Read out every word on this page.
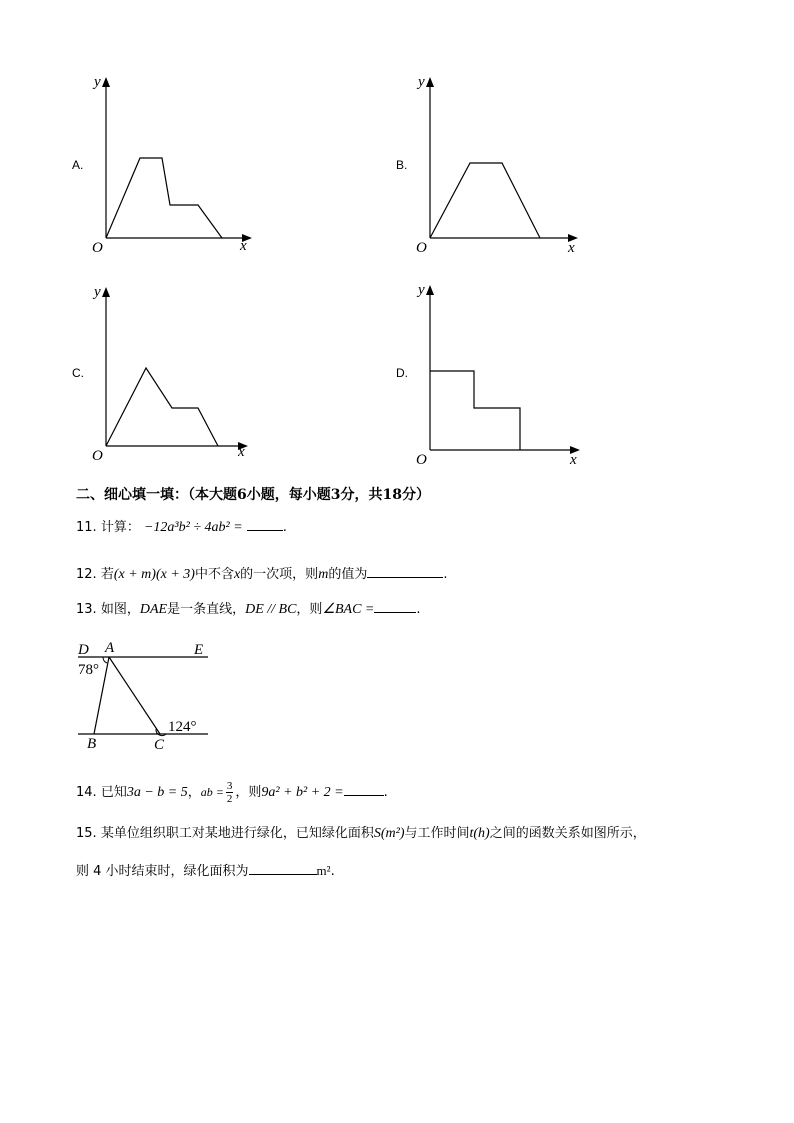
A.
y
x
O
B.
y
x
O
C.
y
x
O
D.
y
x
O
二、细心填一填：（本大题6小题，每小题3分，共18分）
11. 计算： −12a³b² ÷ 4ab² =	.
12. 若(x + m)(x + 3)中不含x的一次项，则m的值为	.
13. 如图，DAE是一条直线，DE // BC，则∠BAC =	.
D A	E
B	C
78°
124°
14. 已知3a − b = 5，ab = $\frac{3}{2}$ ，则9a² + b² + 2 =	.
15. 某单位组织职工对某地进行绿化，已知绿化面积S(m²)与工作时间t(h)之间的函数关系如图所示，
则 4 小时结束时，绿化面积为	m².
